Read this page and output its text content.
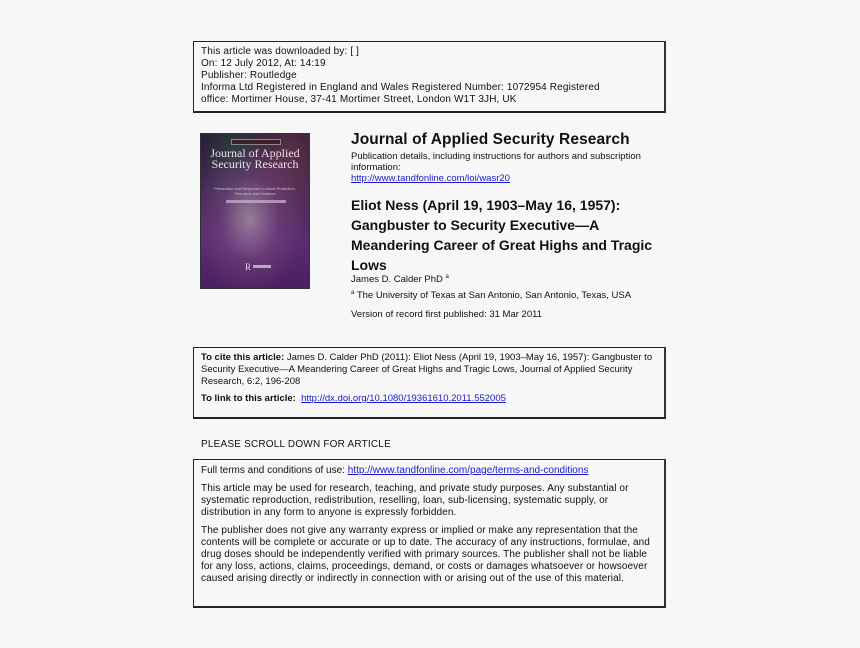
This article was downloaded by: [ ]
On: 12 July 2012, At: 14:19
Publisher: Routledge
Informa Ltd Registered in England and Wales Registered Number: 1072954 Registered
office: Mortimer House, 37-41 Mortimer Street, London W1T 3JH, UK
Journal of Applied Security Research
Prevention and Response to Asset Protection, Terrorism and Violence
R
Journal of Applied Security Research
Publication details, including instructions for authors and subscription information:
http://www.tandfonline.com/loi/wasr20
Eliot Ness (April 19, 1903–May 16, 1957): Gangbuster to Security Executive—A Meandering Career of Great Highs and Tragic Lows
James D. Calder PhD $^a$
$^a$ The University of Texas at San Antonio, San Antonio, Texas, USA
Version of record first published: 31 Mar 2011
To cite this article: James D. Calder PhD (2011): Eliot Ness (April 19, 1903–May 16, 1957): Gangbuster to Security Executive—A Meandering Career of Great Highs and Tragic Lows, Journal of Applied Security Research, 6:2, 196-208
To link to this article: http://dx.doi.org/10.1080/19361610.2011.552005
PLEASE SCROLL DOWN FOR ARTICLE
Full terms and conditions of use: http://www.tandfonline.com/page/terms-and-conditions
This article may be used for research, teaching, and private study purposes. Any substantial or systematic reproduction, redistribution, reselling, loan, sub-licensing, systematic supply, or distribution in any form to anyone is expressly forbidden.
The publisher does not give any warranty express or implied or make any representation that the contents will be complete or accurate or up to date. The accuracy of any instructions, formulae, and drug doses should be independently verified with primary sources. The publisher shall not be liable for any loss, actions, claims, proceedings, demand, or costs or damages whatsoever or howsoever caused arising directly or indirectly in connection with or arising out of the use of this material.
